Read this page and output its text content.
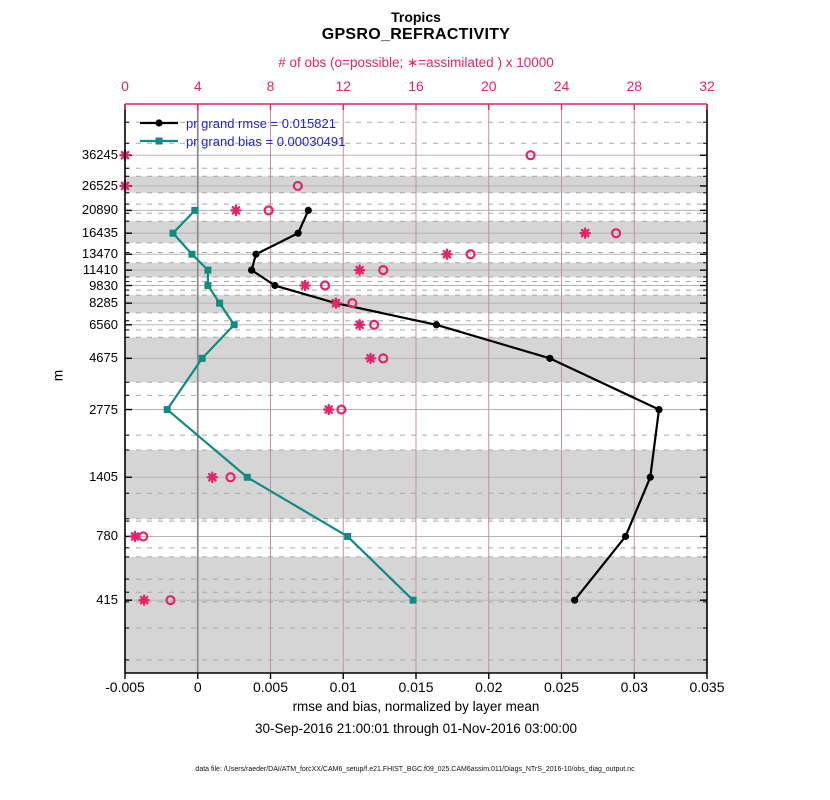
Tropics
GPSRO_REFRACTIVITY
# of obs (o=possible; ∗=assimilated ) x 10000
m
0	4	8	12	16	20	24	28	32
36245
26525
20890
16435
13470
11410
9830
8285
6560
4675
2775
1405
780
415
-0.005	0	0.005	0.01	0.015	0.02	0.025	0.03	0.035
pr grand rmse = 0.015821
pr grand bias = 0.00030491
rmse and bias, normalized by layer mean
30-Sep-2016 21:00:01 through 01-Nov-2016 03:00:00
data file: /Users/raeder/DAI/ATM_forcXX/CAM6_setup/f.e21.FHIST_BGC.f09_025.CAM6assim.011/Diags_NTrS_2016-10/obs_diag_output.nc
